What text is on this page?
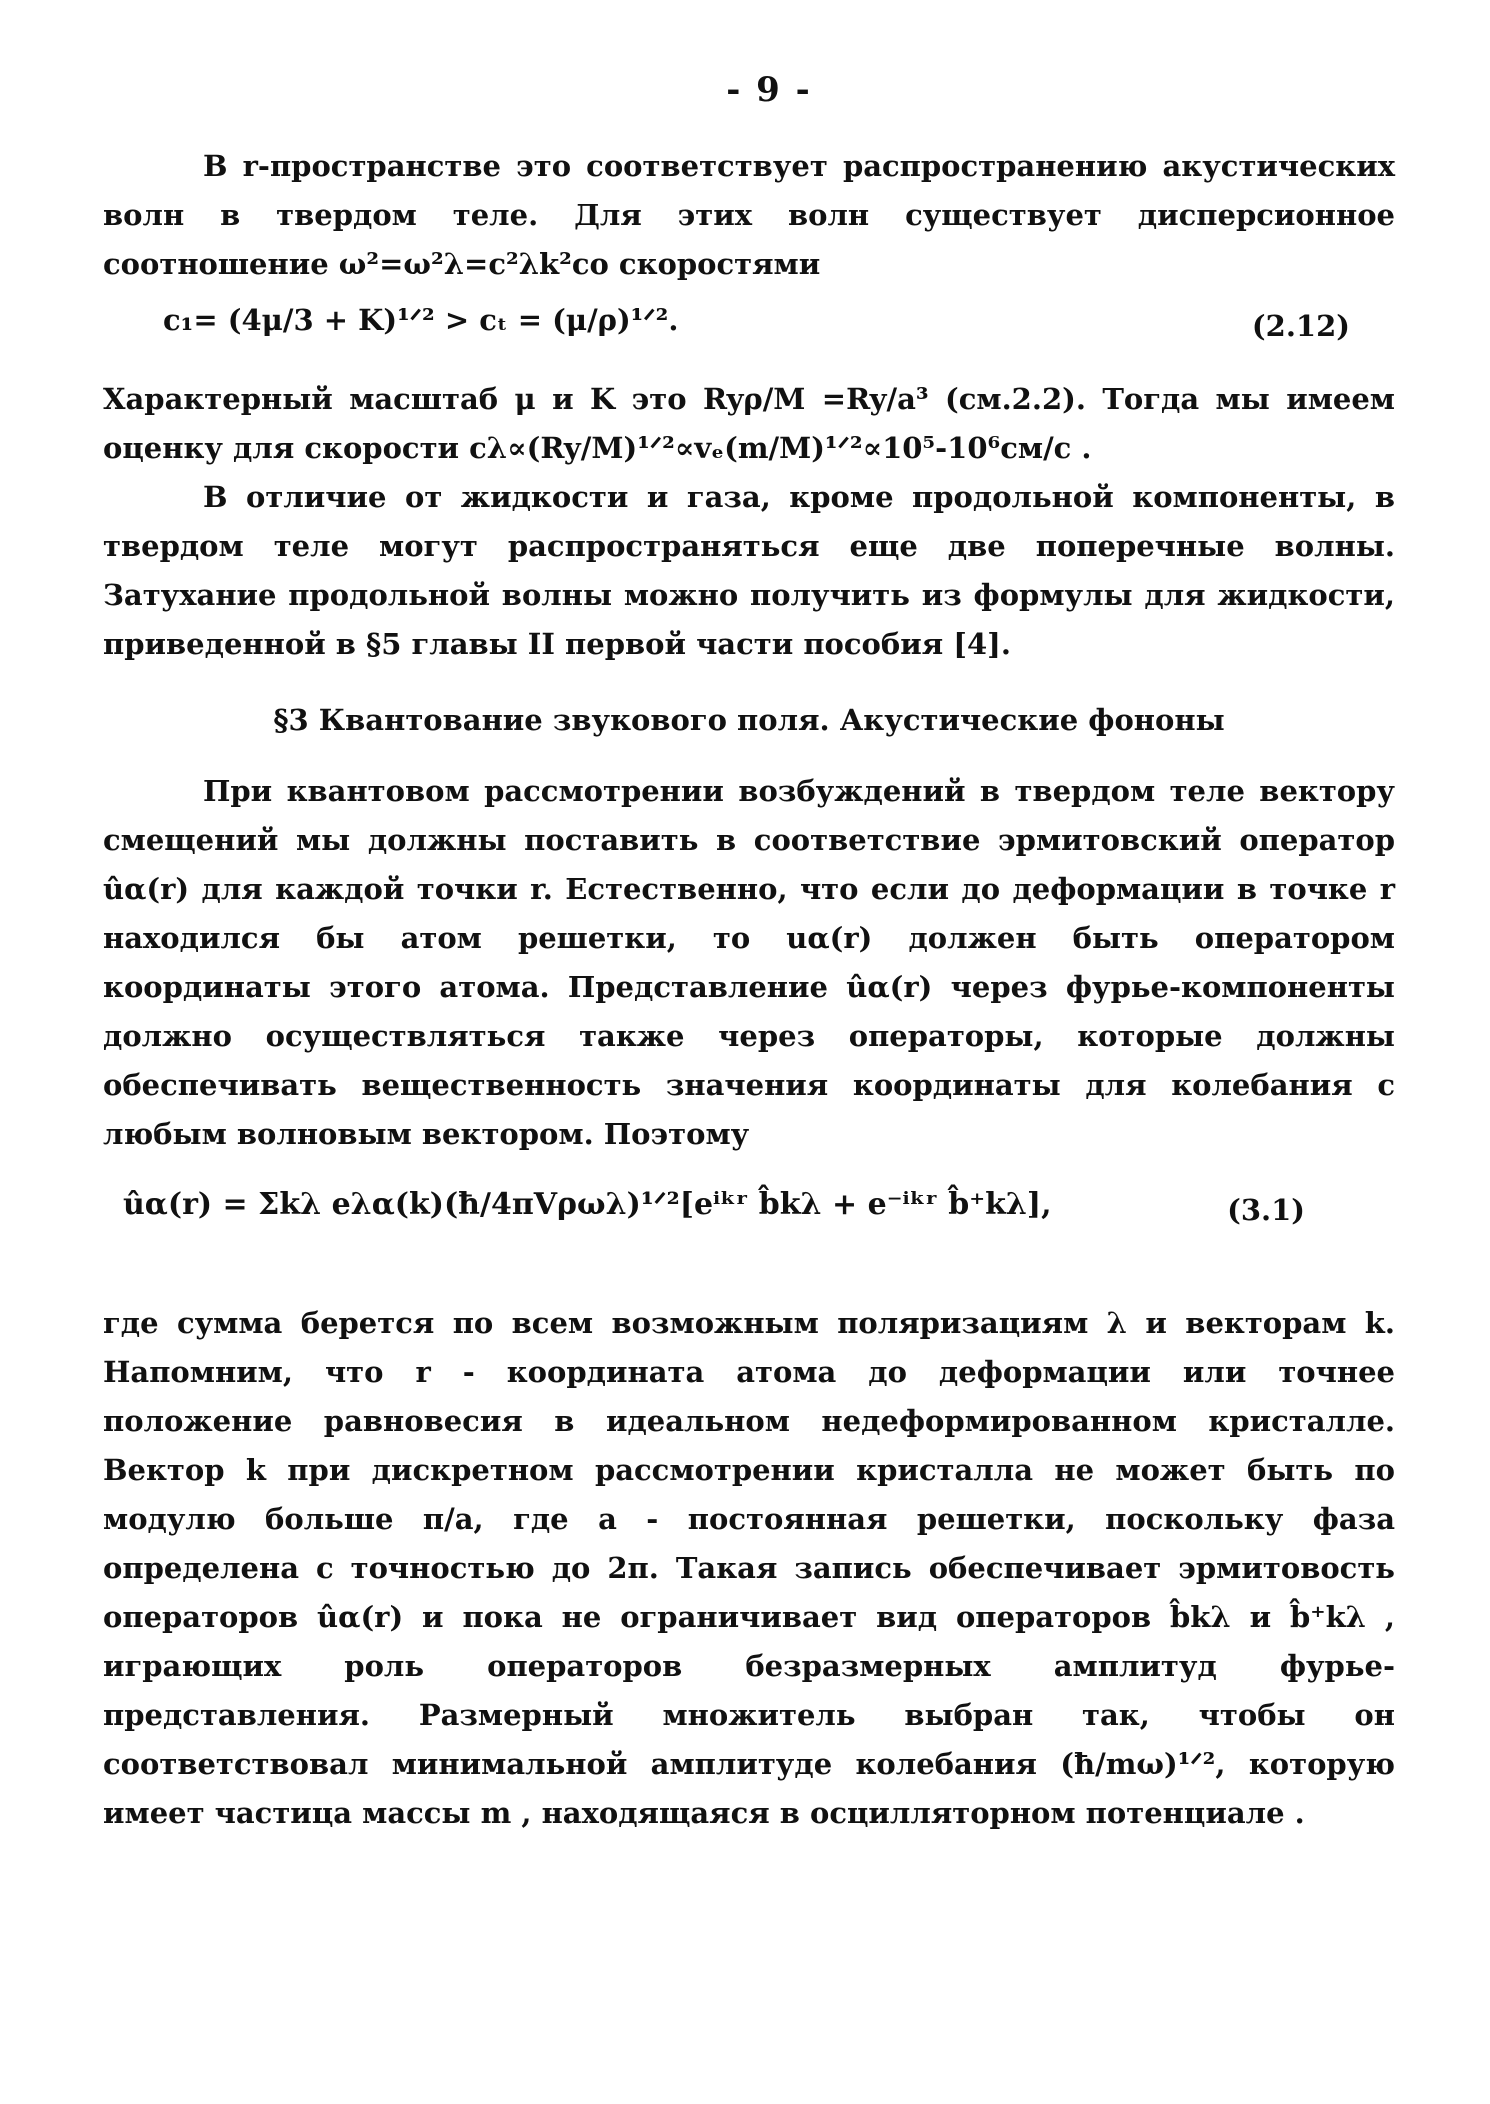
- 9 -

В r-пространстве это соответствует распространению акустических волн в твердом теле. Для этих волн существует дисперсионное соотношение ω²=ω²λ=c²λk²со скоростями

c₁= (4μ/3 + K)¹ᐟ² > cₜ = (μ/ρ)¹ᐟ².	(2.12)

Характерный масштаб μ и K это Ryρ/M =Ry/a³ (см.2.2). Тогда мы имеем оценку для скорости cλ∝(Ry/M)¹ᐟ²∝vₑ(m/M)¹ᐟ²∝10⁵-10⁶см/с .

В отличие от жидкости и газа, кроме продольной компоненты, в твердом теле могут распространяться еще две поперечные волны. Затухание продольной волны можно получить из формулы для жидкости, приведенной в §5 главы II первой части пособия [4].

§3 Квантование звукового поля. Акустические фононы

При квантовом рассмотрении возбуждений в твердом теле вектору смещений мы должны поставить в соответствие эрмитовский оператор ûα(r) для каждой точки r. Естественно, что если до деформации в точке r находился бы атом решетки, то uα(r) должен быть оператором координаты этого атома. Представление ûα(r) через фурье-компоненты должно осуществляться также через операторы, которые должны обеспечивать вещественность значения координаты для колебания с любым волновым вектором. Поэтому

ûα(r) = Σkλ eλα(k)(ħ/4πVρωλ)¹ᐟ²[eⁱᵏʳ b̂kλ + e⁻ⁱᵏʳ b̂⁺kλ],	(3.1)

где сумма берется по всем возможным поляризациям λ и векторам k. Напомним, что r - координата атома до деформации или точнее положение равновесия в идеальном недеформированном кристалле. Вектор k при дискретном рассмотрении кристалла не может быть по модулю больше π/a, где a - постоянная решетки, поскольку фаза определена с точностью до 2π. Такая запись обеспечивает эрмитовость операторов ûα(r) и пока не ограничивает вид операторов b̂kλ и b̂⁺kλ , играющих роль операторов безразмерных амплитуд фурье-представления. Размерный множитель выбран так, чтобы он соответствовал минимальной амплитуде колебания (ħ/mω)¹ᐟ², которую имеет частица массы m , находящаяся в осцилляторном потенциале .
